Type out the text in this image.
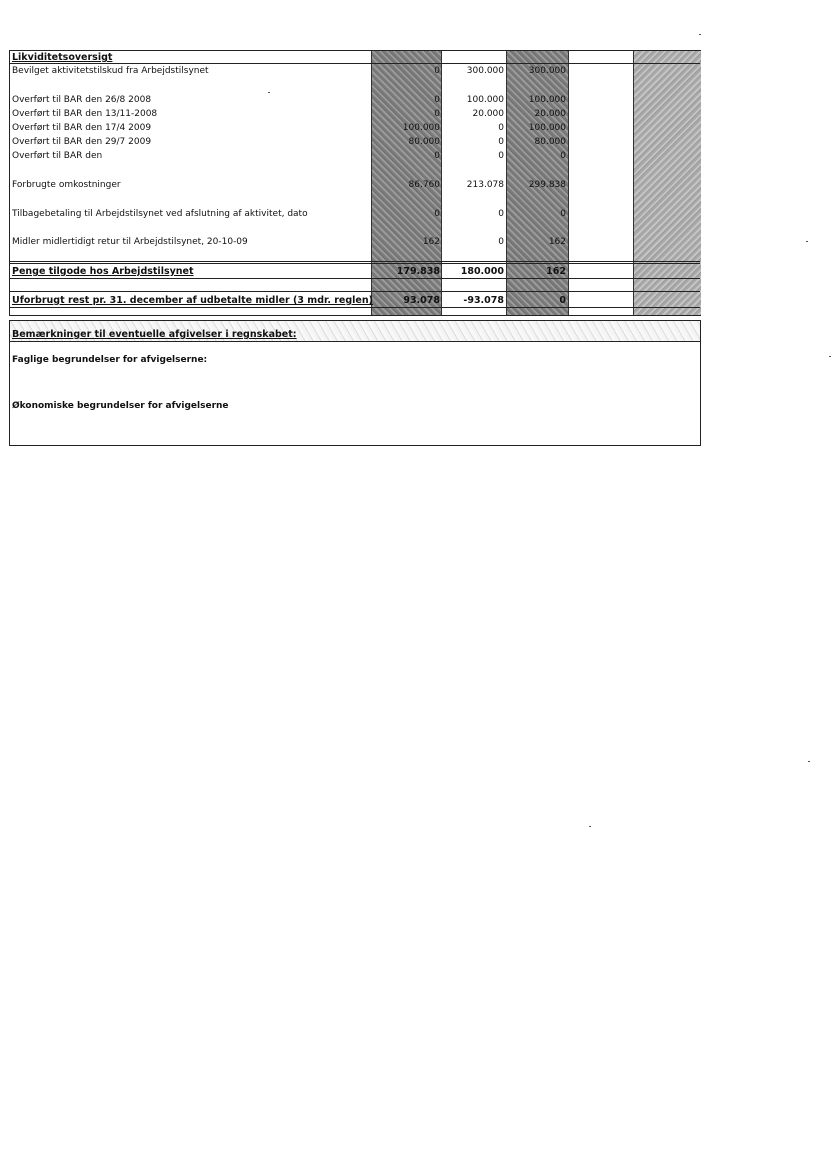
Likviditetsoversigt
Bevilget aktivitetstilskud fra Arbejdstilsynet	0	300.000	300.000
Overført til BAR den 26/8 2008	0	100.000	100.000
Overført til BAR den 13/11-2008	0	20.000	20.000
Overført til BAR den 17/4 2009	100.000	0	100.000
Overført til BAR den 29/7 2009	80.000	0	80.000
Overført til BAR den	0	0	0
Forbrugte omkostninger	86.760	213.078	299.838
Tilbagebetaling til Arbejdstilsynet ved afslutning af aktivitet, dato	0	0	0
Midler midlertidigt retur til Arbejdstilsynet, 20-10-09	162	0	162
Penge tilgode hos Arbejdstilsynet	179.838	180.000	162
Uforbrugt rest pr. 31. december af udbetalte midler (3 mdr. reglen)	93.078	-93.078	0
Bemærkninger til eventuelle afgivelser i regnskabet:
Faglige begrundelser for afvigelserne:
Økonomiske begrundelser for afvigelserne
